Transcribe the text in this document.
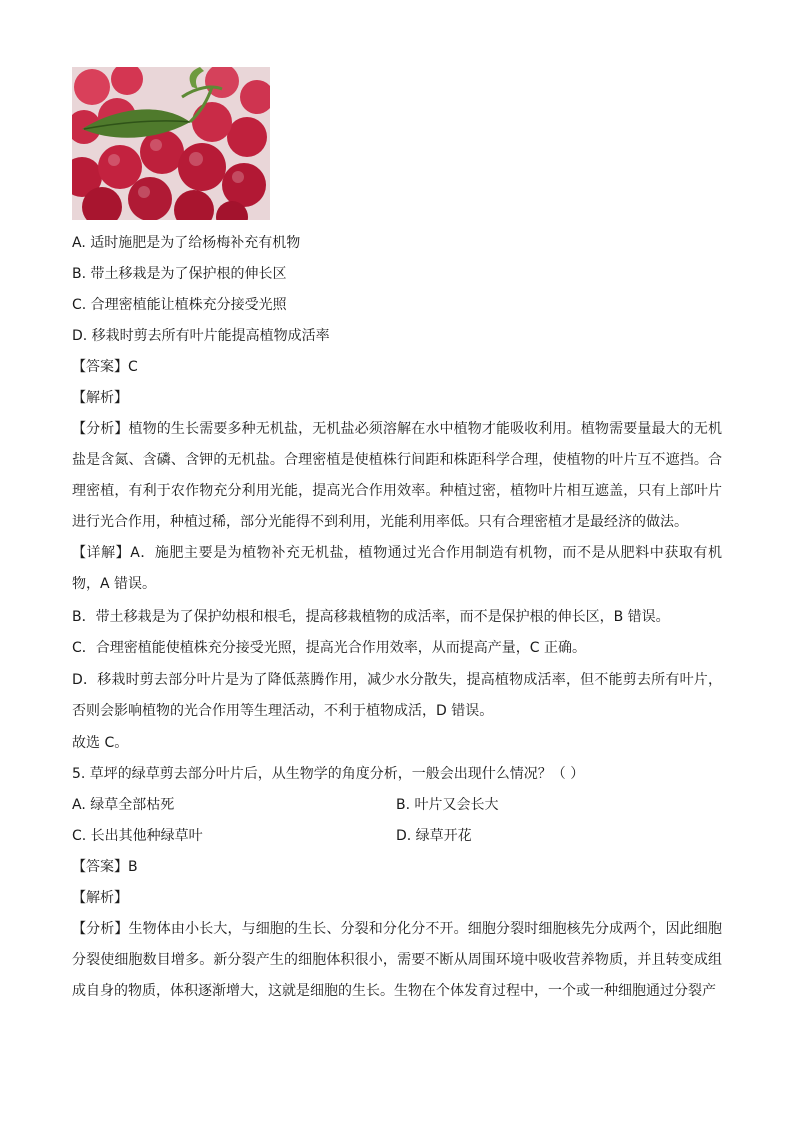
A. 适时施肥是为了给杨梅补充有机物
B. 带土移栽是为了保护根的伸长区
C. 合理密植能让植株充分接受光照
D. 移栽时剪去所有叶片能提高植物成活率
【答案】C
【解析】
【分析】植物的生长需要多种无机盐，无机盐必须溶解在水中植物才能吸收利用。植物需要量最大的无机盐是含氮、含磷、含钾的无机盐。合理密植是使植株行间距和株距科学合理，使植物的叶片互不遮挡。合理密植，有利于农作物充分利用光能，提高光合作用效率。种植过密，植物叶片相互遮盖，只有上部叶片进行光合作用，种植过稀，部分光能得不到利用，光能利用率低。只有合理密植才是最经济的做法。
【详解】A．施肥主要是为植物补充无机盐，植物通过光合作用制造有机物，而不是从肥料中获取有机物，A 错误。
B．带土移栽是为了保护幼根和根毛，提高移栽植物的成活率，而不是保护根的伸长区，B 错误。
C．合理密植能使植株充分接受光照，提高光合作用效率，从而提高产量，C 正确。
D．移栽时剪去部分叶片是为了降低蒸腾作用，减少水分散失，提高植物成活率，但不能剪去所有叶片，否则会影响植物的光合作用等生理活动，不利于植物成活，D 错误。
故选 C。
5. 草坪的绿草剪去部分叶片后，从生物学的角度分析，一般会出现什么情况？（ ）
A. 绿草全部枯死	B. 叶片又会长大
C. 长出其他种绿草叶	D. 绿草开花
【答案】B
【解析】
【分析】生物体由小长大，与细胞的生长、分裂和分化分不开。细胞分裂时细胞核先分成两个，因此细胞分裂使细胞数目增多。新分裂产生的细胞体积很小，需要不断从周围环境中吸收营养物质，并且转变成组成自身的物质，体积逐渐增大，这就是细胞的生长。生物在个体发育过程中，一个或一种细胞通过分裂产
